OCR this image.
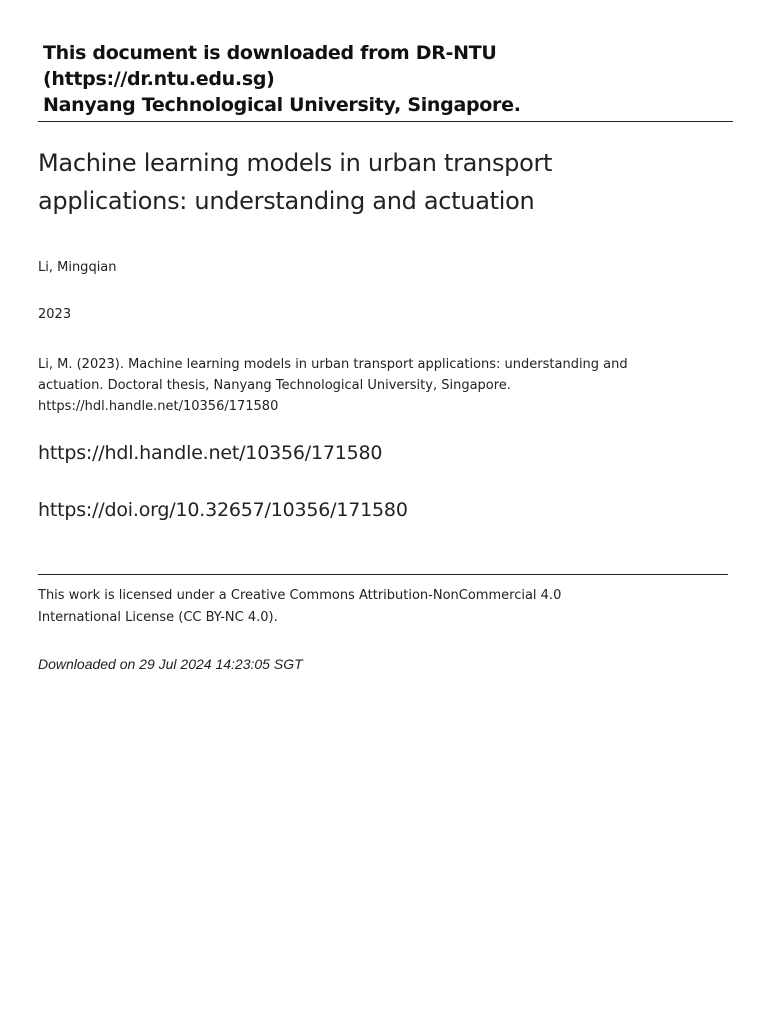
This document is downloaded from DR-NTU (https://dr.ntu.edu.sg)
Nanyang Technological University, Singapore.
Machine learning models in urban transport
applications: understanding and actuation
Li, Mingqian
2023
Li, M. (2023). Machine learning models in urban transport applications: understanding and
actuation. Doctoral thesis, Nanyang Technological University, Singapore.
https://hdl.handle.net/10356/171580
https://hdl.handle.net/10356/171580
https://doi.org/10.32657/10356/171580
This work is licensed under a Creative Commons Attribution-NonCommercial 4.0
International License (CC BY-NC 4.0).
Downloaded on 29 Jul 2024 14:23:05 SGT
